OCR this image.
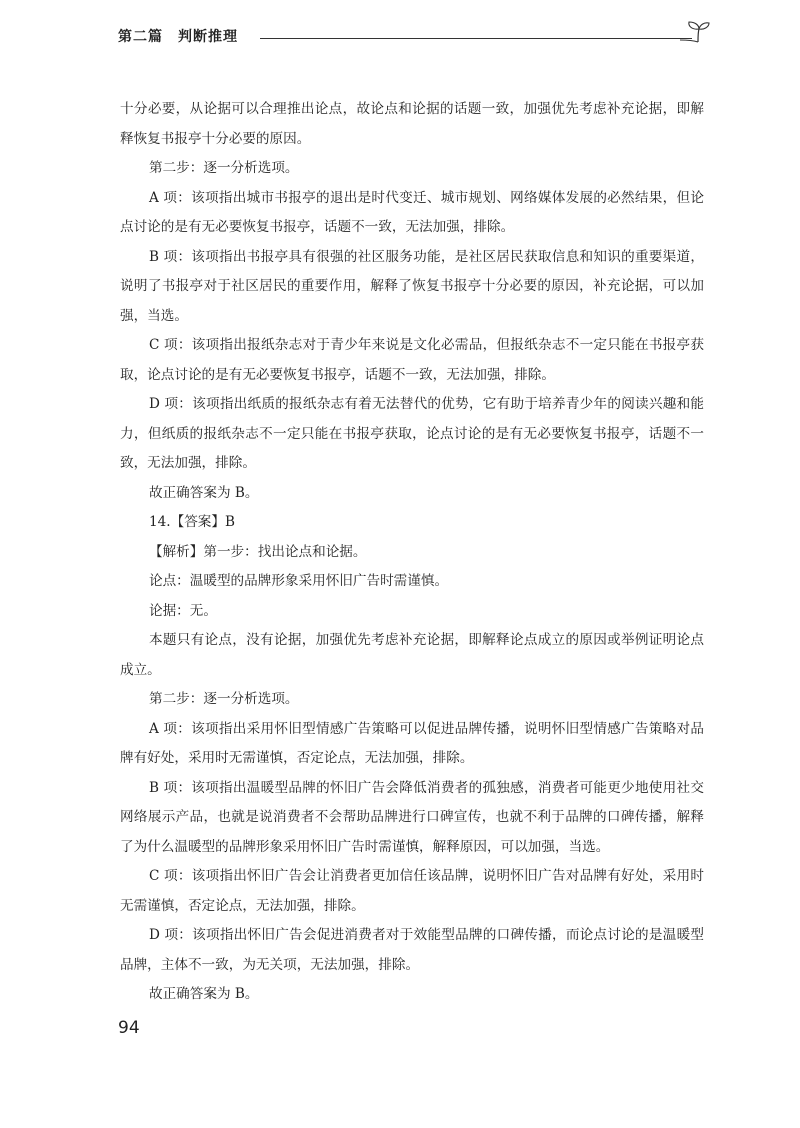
第二篇　判断推理

十分必要，从论据可以合理推出论点，故论点和论据的话题一致，加强优先考虑补充论据，即解释恢复书报亭十分必要的原因。

第二步：逐一分析选项。

A 项：该项指出城市书报亭的退出是时代变迁、城市规划、网络媒体发展的必然结果，但论点讨论的是有无必要恢复书报亭，话题不一致，无法加强，排除。

B 项：该项指出书报亭具有很强的社区服务功能，是社区居民获取信息和知识的重要渠道，说明了书报亭对于社区居民的重要作用，解释了恢复书报亭十分必要的原因，补充论据，可以加强，当选。

C 项：该项指出报纸杂志对于青少年来说是文化必需品，但报纸杂志不一定只能在书报亭获取，论点讨论的是有无必要恢复书报亭，话题不一致，无法加强，排除。

D 项：该项指出纸质的报纸杂志有着无法替代的优势，它有助于培养青少年的阅读兴趣和能力，但纸质的报纸杂志不一定只能在书报亭获取，论点讨论的是有无必要恢复书报亭，话题不一致，无法加强，排除。

故正确答案为 B。

14.【答案】B

【解析】第一步：找出论点和论据。

论点：温暖型的品牌形象采用怀旧广告时需谨慎。

论据：无。

本题只有论点，没有论据，加强优先考虑补充论据，即解释论点成立的原因或举例证明论点成立。

第二步：逐一分析选项。

A 项：该项指出采用怀旧型情感广告策略可以促进品牌传播，说明怀旧型情感广告策略对品牌有好处，采用时无需谨慎，否定论点，无法加强，排除。

B 项：该项指出温暖型品牌的怀旧广告会降低消费者的孤独感，消费者可能更少地使用社交网络展示产品，也就是说消费者不会帮助品牌进行口碑宣传，也就不利于品牌的口碑传播，解释了为什么温暖型的品牌形象采用怀旧广告时需谨慎，解释原因，可以加强，当选。

C 项：该项指出怀旧广告会让消费者更加信任该品牌，说明怀旧广告对品牌有好处，采用时无需谨慎，否定论点，无法加强，排除。

D 项：该项指出怀旧广告会促进消费者对于效能型品牌的口碑传播，而论点讨论的是温暖型品牌，主体不一致，为无关项，无法加强，排除。

故正确答案为 B。

94
